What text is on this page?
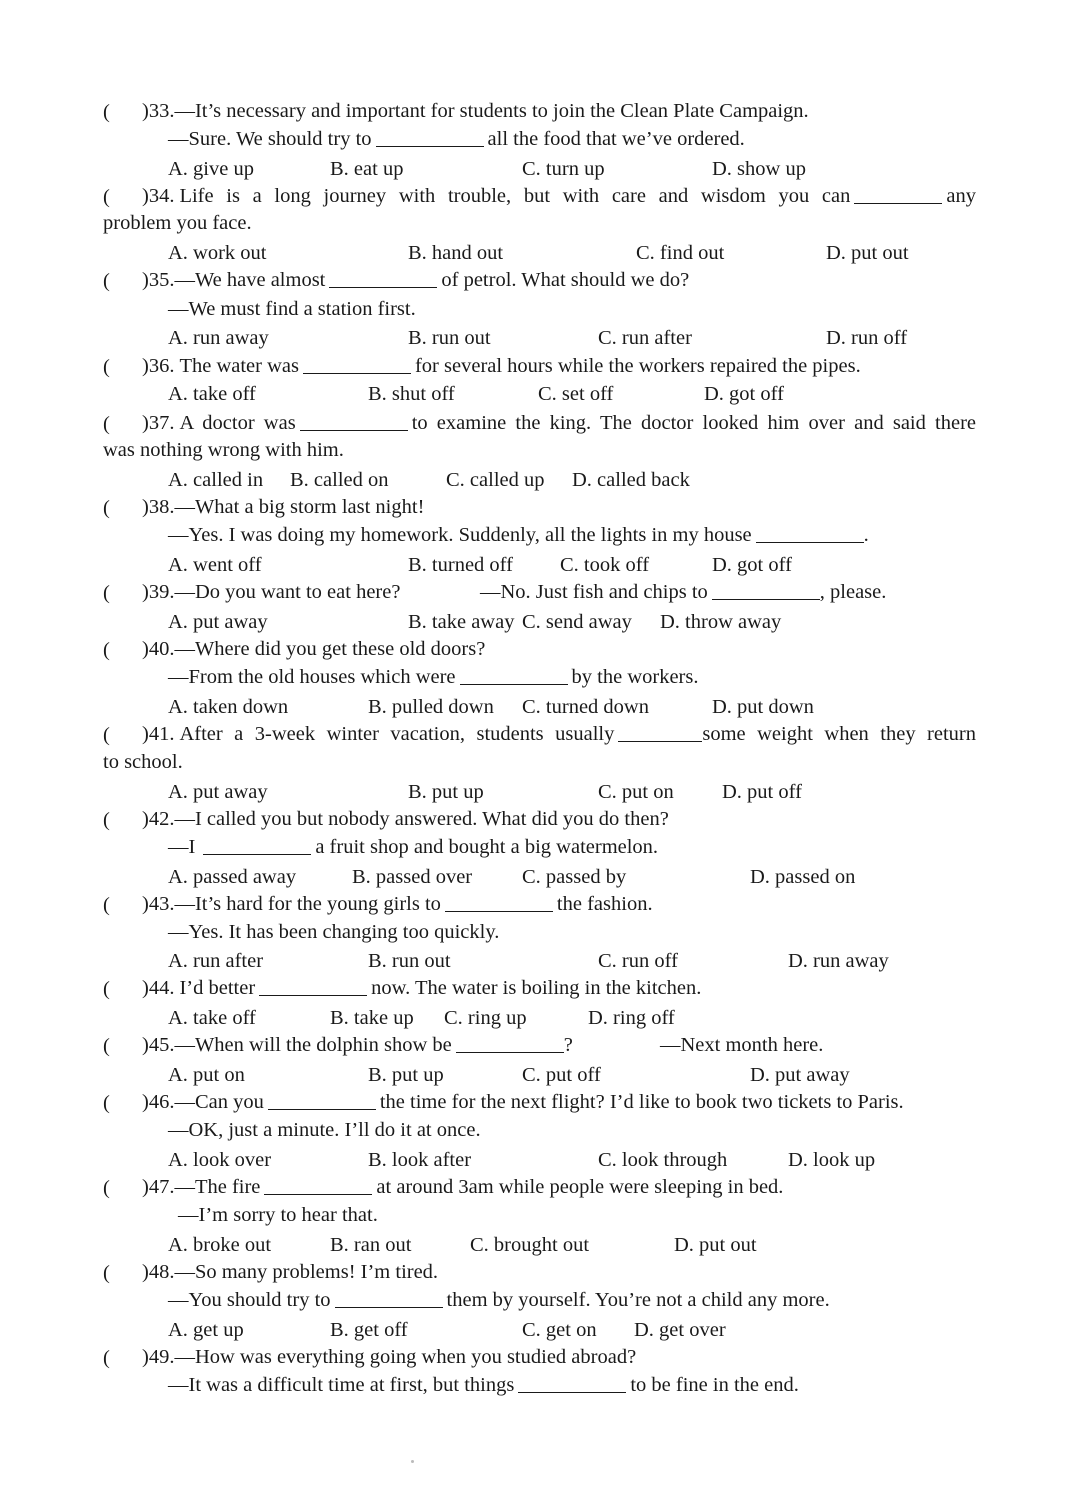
( )33.—It’s necessary and important for students to join the Clean Plate Campaign.
—Sure. We should try to	all the food that we’ve ordered.
A. give up	B. eat up	C. turn up	D. show up
( )34. Life is a long journey with trouble, but with care and wisdom you can	any
problem you face.
A. work out	B. hand out	C. find out	D. put out
( )35.—We have almost	of petrol. What should we do?
—We must find a station first.
A. run away	B. run out	C. run after	D. run off
( )36. The water was	for several hours while the workers repaired the pipes.
A. take off	B. shut off	C. set off	D. got off
( )37. A doctor was	to examine the king. The doctor looked him over and said there
was nothing wrong with him.
A. called in B. called on	C. called up D. called back
( )38.—What a big storm last night!
—Yes. I was doing my homework. Suddenly, all the lights in my house	.
A. went off	B. turned off C. took off	D. got off
( )39.—Do you want to eat here?	—No. Just fish and chips to	, please.
A. put away	B. take away C. send away D. throw away
( )40.—Where did you get these old doors?
—From the old houses which were	by the workers.
A. taken down	B. pulled down C. turned down	D. put down
( )41. After a 3-week winter vacation, students usually	some weight when they return
to school.
A. put away	B. put up	C. put on D. put off
( )42.—I called you but nobody answered. What did you do then?
—I	a fruit shop and bought a big watermelon.
A. passed away	B. passed over C. passed by	D. passed on
( )43.—It’s hard for the young girls to	the fashion.
—Yes. It has been changing too quickly.
A. run after	B. run out	C. run off	D. run away
( )44. I’d better	now. The water is boiling in the kitchen.
A. take off	B. take up C. ring up	D. ring off
( )45.—When will the dolphin show be	?	—Next month here.
A. put on	B. put up	C. put off	D. put away
( )46.—Can you	the time for the next flight? I’d like to book two tickets to Paris.
—OK, just a minute. I’ll do it at once.
A. look over	B. look after	C. look through	D. look up
( )47.—The fire	at around 3am while people were sleeping in bed.
—I’m sorry to hear that.
A. broke out	B. ran out	C. brought out	D. put out
( )48.—So many problems! I’m tired.
—You should try to	them by yourself. You’re not a child any more.
A. get up	B. get off	C. get on D. get over
( )49.—How was everything going when you studied abroad?
—It was a difficult time at first, but things	to be fine in the end.
